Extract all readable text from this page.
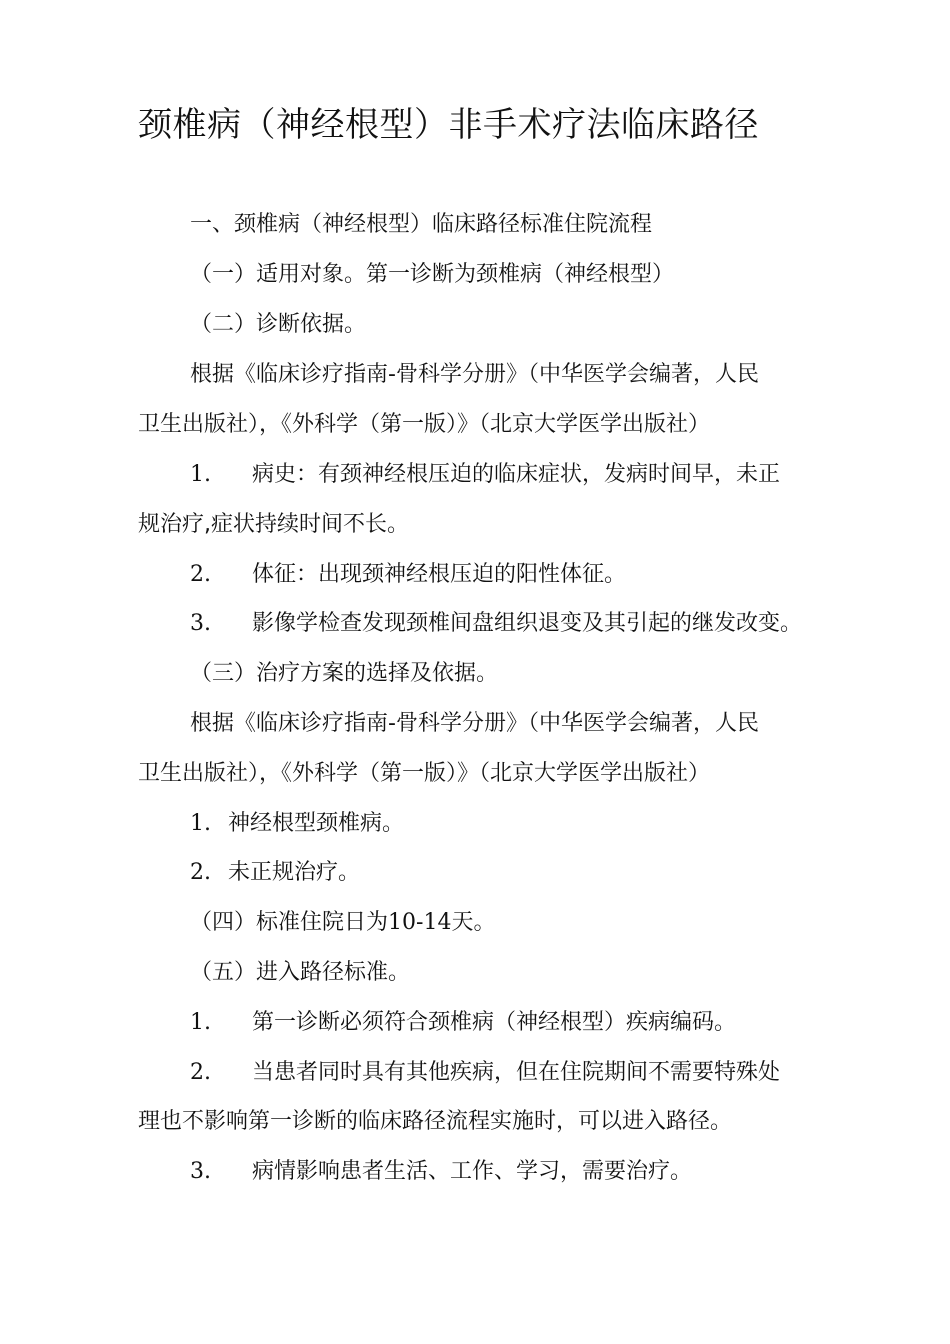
颈椎病（神经根型）非手术疗法临床路径
一、颈椎病（神经根型）临床路径标准住院流程
（一）适用对象。第一诊断为颈椎病（神经根型）
（二）诊断依据。
根据《临床诊疗指南-骨科学分册》（中华医学会编著，人民
卫生出版社），《外科学（第一版）》（北京大学医学出版社）
1. 病史：有颈神经根压迫的临床症状，发病时间早，未正
规治疗,症状持续时间不长。
2. 体征：出现颈神经根压迫的阳性体征。
3. 影像学检查发现颈椎间盘组织退变及其引起的继发改变。
（三）治疗方案的选择及依据。
根据《临床诊疗指南-骨科学分册》（中华医学会编著，人民
卫生出版社），《外科学（第一版）》（北京大学医学出版社）
1. 神经根型颈椎病。
2. 未正规治疗。
（四）标准住院日为10-14天。
（五）进入路径标准。
1. 第一诊断必须符合颈椎病（神经根型）疾病编码。
2. 当患者同时具有其他疾病，但在住院期间不需要特殊处
理也不影响第一诊断的临床路径流程实施时，可以进入路径。
3. 病情影响患者生活、工作、学习，需要治疗。
